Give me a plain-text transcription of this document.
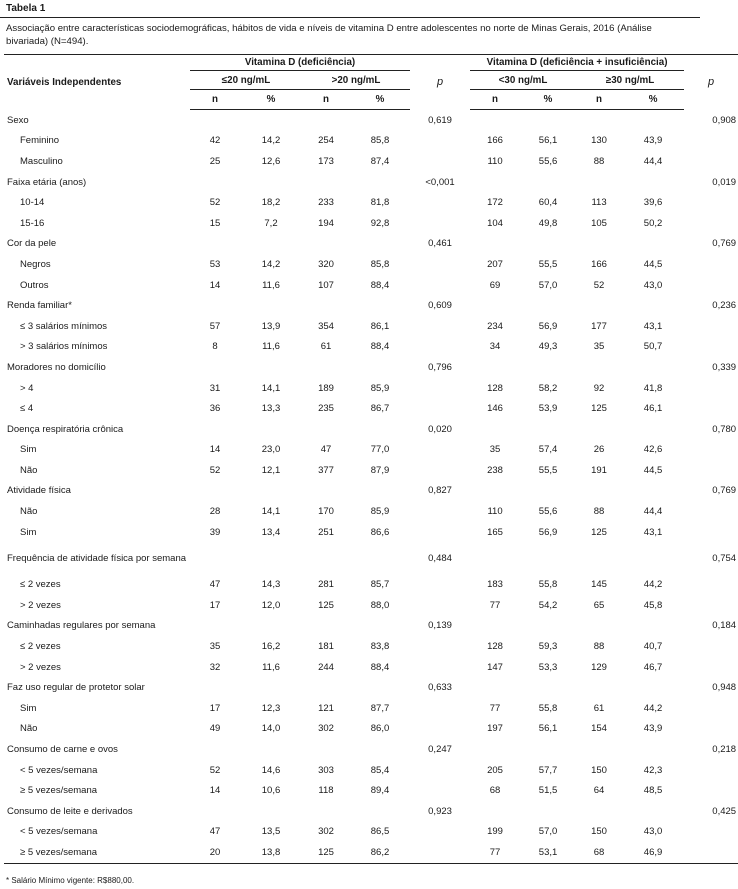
Tabela 1
Associação entre características sociodemográficas, hábitos de vida e níveis de vitamina D entre adolescentes no norte de Minas Gerais, 2016 (Análise bivariada) (N=494).
Variáveis Independentes	Vitamina D (deficiência)				p	Vitamina D (deficiência + insuficiência)				p
	≤20 ng/mL		>20 ng/mL			<30 ng/mL		≥30 ng/mL		
	n	%	n	%		n	%	n	%	
Sexo					0,619					0,908
Feminino	42	14,2	254	85,8		166	56,1	130	43,9	
Masculino	25	12,6	173	87,4		110	55,6	88	44,4	
Faixa etária (anos)					<0,001					0,019
10-14	52	18,2	233	81,8		172	60,4	113	39,6	
15-16	15	7,2	194	92,8		104	49,8	105	50,2	
Cor da pele					0,461					0,769
Negros	53	14,2	320	85,8		207	55,5	166	44,5	
Outros	14	11,6	107	88,4		69	57,0	52	43,0	
Renda familiar*					0,609					0,236
≤ 3 salários mínimos	57	13,9	354	86,1		234	56,9	177	43,1	
> 3 salários mínimos	8	11,6	61	88,4		34	49,3	35	50,7	
Moradores no domicílio					0,796					0,339
> 4	31	14,1	189	85,9		128	58,2	92	41,8	
≤ 4	36	13,3	235	86,7		146	53,9	125	46,1	
Doença respiratória crônica					0,020					0,780
Sim	14	23,0	47	77,0		35	57,4	26	42,6	
Não	52	12,1	377	87,9		238	55,5	191	44,5	
Atividade física					0,827					0,769
Não	28	14,1	170	85,9		110	55,6	88	44,4	
Sim	39	13,4	251	86,6		165	56,9	125	43,1	
Frequência de atividade física por semana					0,484					0,754
≤ 2 vezes	47	14,3	281	85,7		183	55,8	145	44,2	
> 2 vezes	17	12,0	125	88,0		77	54,2	65	45,8	
Caminhadas regulares por semana					0,139					0,184
≤ 2 vezes	35	16,2	181	83,8		128	59,3	88	40,7	
> 2 vezes	32	11,6	244	88,4		147	53,3	129	46,7	
Faz uso regular de protetor solar					0,633					0,948
Sim	17	12,3	121	87,7		77	55,8	61	44,2	
Não	49	14,0	302	86,0		197	56,1	154	43,9	
Consumo de carne e ovos					0,247					0,218
< 5 vezes/semana	52	14,6	303	85,4		205	57,7	150	42,3	
≥ 5 vezes/semana	14	10,6	118	89,4		68	51,5	64	48,5	
Consumo de leite e derivados					0,923					0,425
< 5 vezes/semana	47	13,5	302	86,5		199	57,0	150	43,0	
≥ 5 vezes/semana	20	13,8	125	86,2		77	53,1	68	46,9	
* Salário Mínimo vigente: R$880,00.
